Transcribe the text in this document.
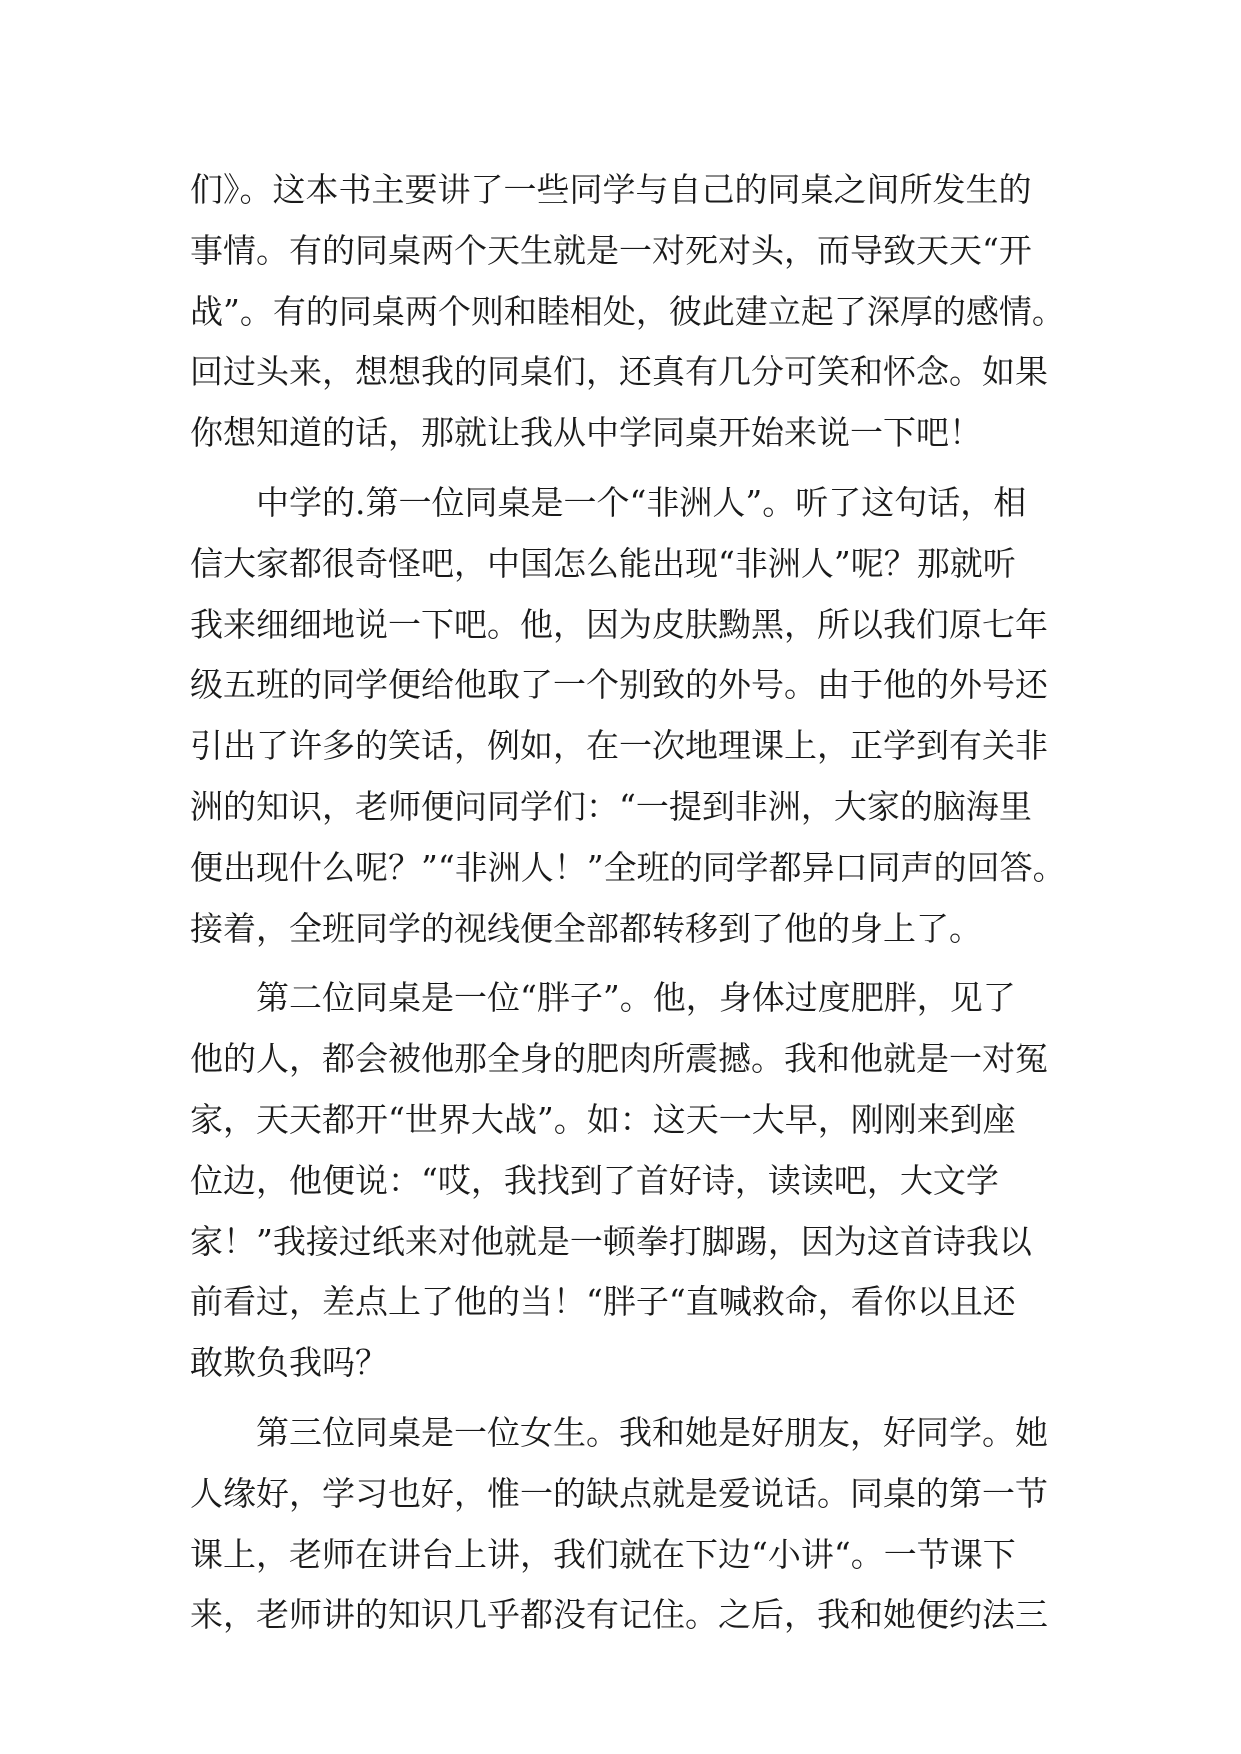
们》。这本书主要讲了一些同学与自己的同桌之间所发生的
事情。有的同桌两个天生就是一对死对头，而导致天天“开
战”。有的同桌两个则和睦相处，彼此建立起了深厚的感情。
回过头来，想想我的同桌们，还真有几分可笑和怀念。如果
你想知道的话，那就让我从中学同桌开始来说一下吧！
　　中学的.第一位同桌是一个“非洲人”。听了这句话，相
信大家都很奇怪吧，中国怎么能出现“非洲人”呢？那就听
我来细细地说一下吧。他，因为皮肤黝黑，所以我们原七年
级五班的同学便给他取了一个别致的外号。由于他的外号还
引出了许多的笑话，例如，在一次地理课上，正学到有关非
洲的知识，老师便问同学们：“一提到非洲，大家的脑海里
便出现什么呢？”“非洲人！”全班的同学都异口同声的回答。
接着，全班同学的视线便全部都转移到了他的身上了。
　　第二位同桌是一位“胖子”。他，身体过度肥胖，见了
他的人，都会被他那全身的肥肉所震撼。我和他就是一对冤
家，天天都开“世界大战”。如：这天一大早，刚刚来到座
位边，他便说：“哎，我找到了首好诗，读读吧，大文学
家！”我接过纸来对他就是一顿拳打脚踢，因为这首诗我以
前看过，差点上了他的当！“胖子“直喊救命，看你以且还
敢欺负我吗？
　　第三位同桌是一位女生。我和她是好朋友，好同学。她
人缘好，学习也好，惟一的缺点就是爱说话。同桌的第一节
课上，老师在讲台上讲，我们就在下边“小讲“。一节课下
来，老师讲的知识几乎都没有记住。之后，我和她便约法三
